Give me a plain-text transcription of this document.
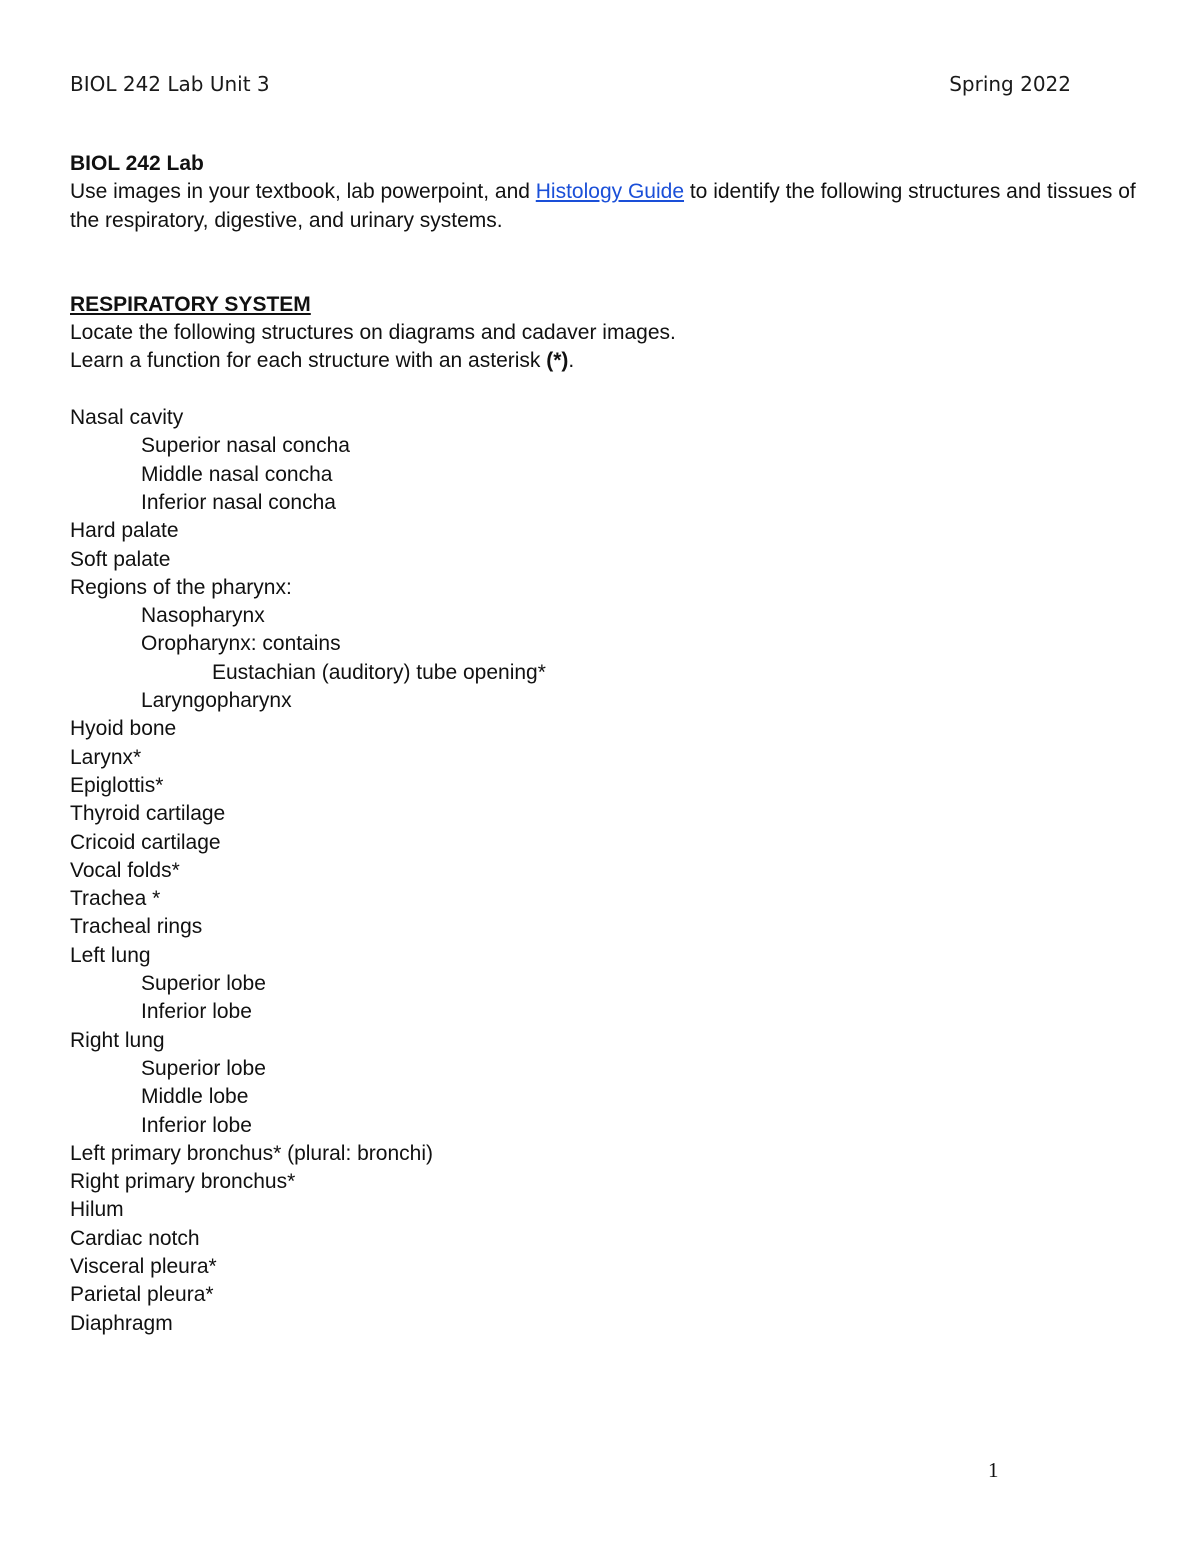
BIOL 242 Lab Unit 3	Spring 2022
BIOL 242 Lab
Use images in your textbook, lab powerpoint, and Histology Guide to identify the following structures and tissues of the respiratory, digestive, and urinary systems.
RESPIRATORY SYSTEM
Locate the following structures on diagrams and cadaver images.
Learn a function for each structure with an asterisk (*).
Nasal cavity
Superior nasal concha
Middle nasal concha
Inferior nasal concha
Hard palate
Soft palate
Regions of the pharynx:
Nasopharynx
Oropharynx: contains
Eustachian (auditory) tube opening*
Laryngopharynx
Hyoid bone
Larynx*
Epiglottis*
Thyroid cartilage
Cricoid cartilage
Vocal folds*
Trachea *
Tracheal rings
Left lung
Superior lobe
Inferior lobe
Right lung
Superior lobe
Middle lobe
Inferior lobe
Left primary bronchus* (plural: bronchi)
Right primary bronchus*
Hilum
Cardiac notch
Visceral pleura*
Parietal pleura*
Diaphragm
1
